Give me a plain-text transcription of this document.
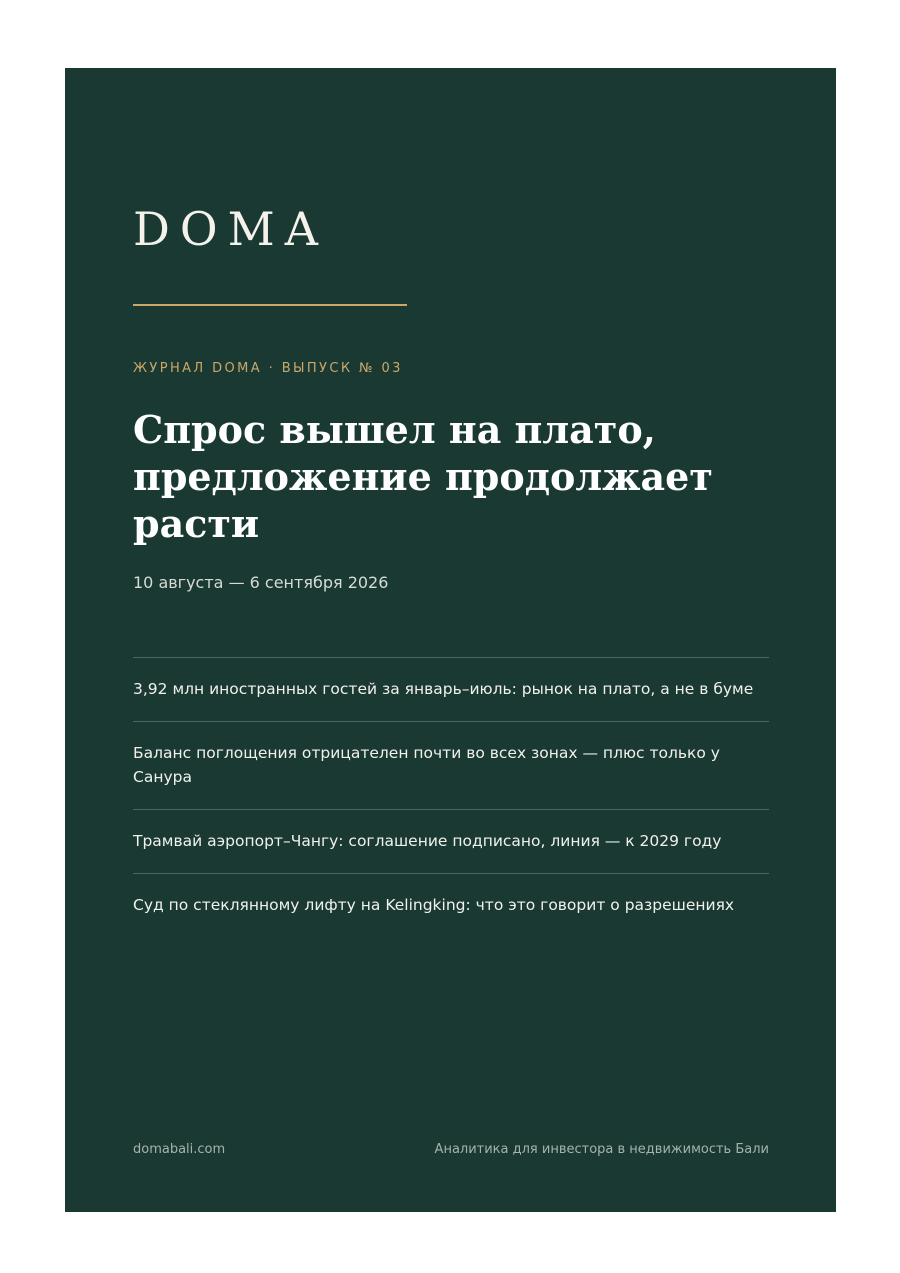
DOMA
ЖУРНАЛ DOMA · ВЫПУСК № 03
Спрос вышел на плато, предложение продолжает расти
10 августа — 6 сентября 2026
3,92 млн иностранных гостей за январь–июль: рынок на плато, а не в буме
Баланс поглощения отрицателен почти во всех зонах — плюс только у Санура
Трамвай аэропорт–Чангу: соглашение подписано, линия — к 2029 году
Суд по стеклянному лифту на Kelingking: что это говорит о разрешениях
domabali.com	Аналитика для инвестора в недвижимость Бали
